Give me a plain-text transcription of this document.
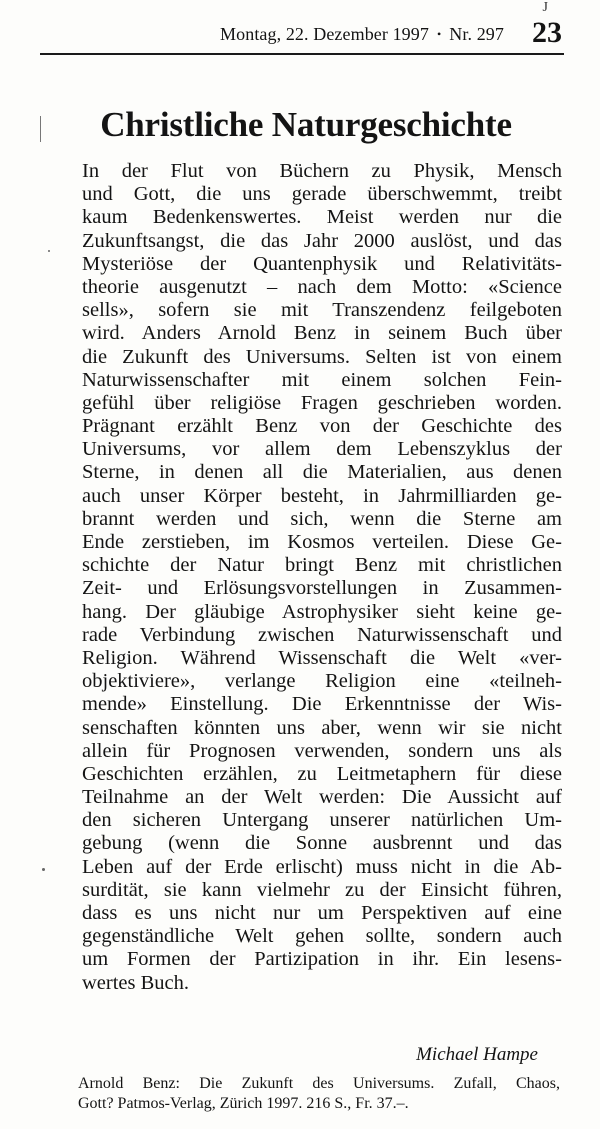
J
Montag, 22. Dezember 1997 • Nr. 297 23
Christliche Naturgeschichte
In der Flut von Büchern zu Physik, Mensch
und Gott, die uns gerade überschwemmt, treibt
kaum Bedenkenswertes. Meist werden nur die
Zukunftsangst, die das Jahr 2000 auslöst, und das
Mysteriöse der Quantenphysik und Relativitäts-
theorie ausgenutzt – nach dem Motto: «Science
sells», sofern sie mit Transzendenz feilgeboten
wird. Anders Arnold Benz in seinem Buch über
die Zukunft des Universums. Selten ist von einem
Naturwissenschafter mit einem solchen Fein-
gefühl über religiöse Fragen geschrieben worden.
Prägnant erzählt Benz von der Geschichte des
Universums, vor allem dem Lebenszyklus der
Sterne, in denen all die Materialien, aus denen
auch unser Körper besteht, in Jahrmilliarden ge-
brannt werden und sich, wenn die Sterne am
Ende zerstieben, im Kosmos verteilen. Diese Ge-
schichte der Natur bringt Benz mit christlichen
Zeit- und Erlösungsvorstellungen in Zusammen-
hang. Der gläubige Astrophysiker sieht keine ge-
rade Verbindung zwischen Naturwissenschaft und
Religion. Während Wissenschaft die Welt «ver-
objektiviere», verlange Religion eine «teilneh-
mende» Einstellung. Die Erkenntnisse der Wis-
senschaften könnten uns aber, wenn wir sie nicht
allein für Prognosen verwenden, sondern uns als
Geschichten erzählen, zu Leitmetaphern für diese
Teilnahme an der Welt werden: Die Aussicht auf
den sicheren Untergang unserer natürlichen Um-
gebung (wenn die Sonne ausbrennt und das
Leben auf der Erde erlischt) muss nicht in die Ab-
surdität, sie kann vielmehr zu der Einsicht führen,
dass es uns nicht nur um Perspektiven auf eine
gegenständliche Welt gehen sollte, sondern auch
um Formen der Partizipation in ihr. Ein lesens-
wertes Buch.
Michael Hampe
Arnold Benz: Die Zukunft des Universums. Zufall, Chaos,
Gott? Patmos-Verlag, Zürich 1997. 216 S., Fr. 37.–.
